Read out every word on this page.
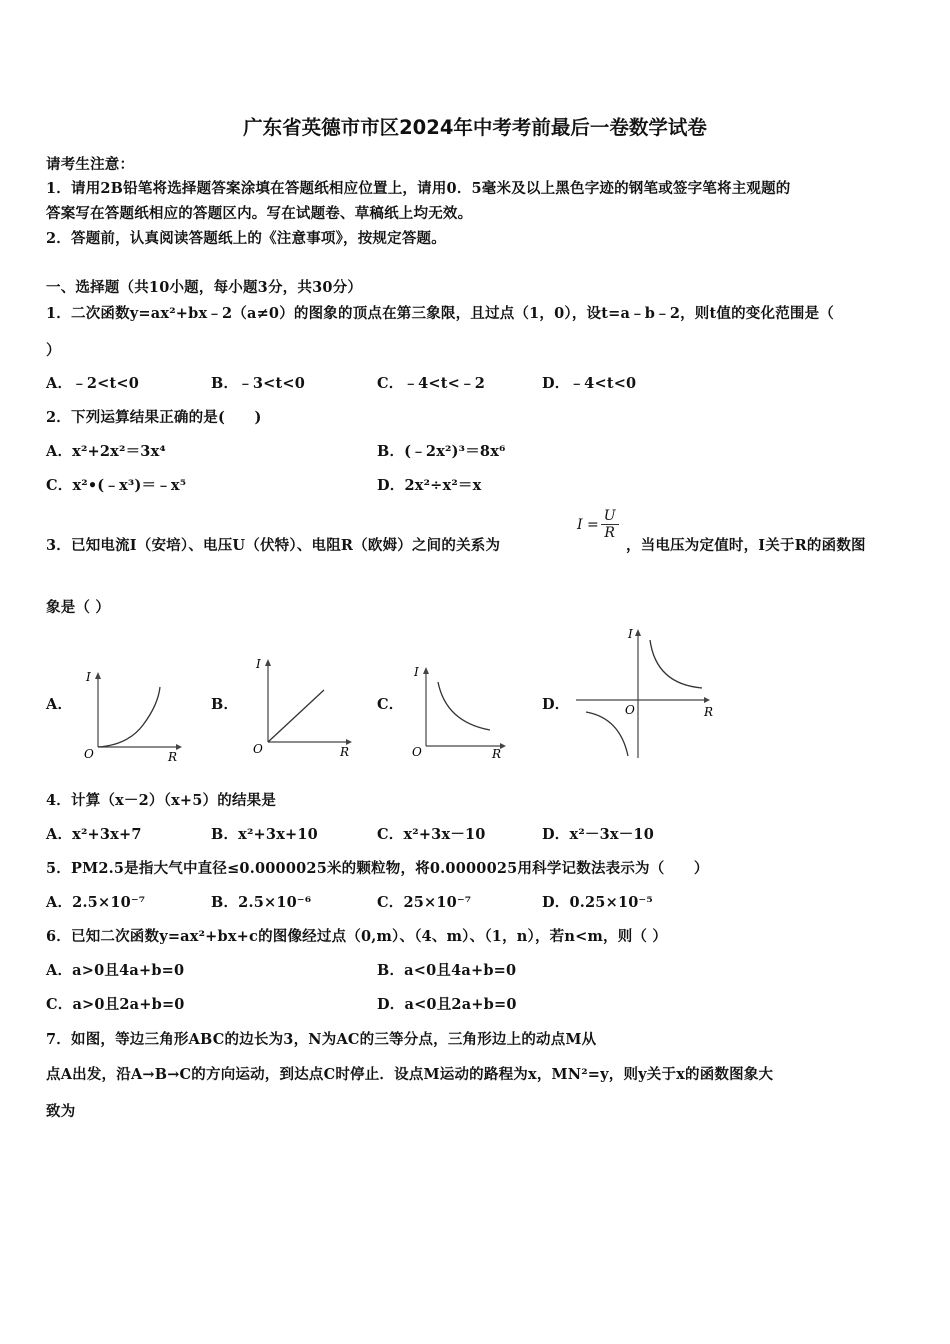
广东省英德市市区2024年中考考前最后一卷数学试卷
请考生注意：
1．请用2B铅笔将选择题答案涂填在答题纸相应位置上，请用0．5毫米及以上黑色字迹的钢笔或签字笔将主观题的
答案写在答题纸相应的答题区内。写在试题卷、草稿纸上均无效。
2．答题前，认真阅读答题纸上的《注意事项》，按规定答题。
一、选择题（共10小题，每小题3分，共30分）
1．二次函数y=ax²+bx﹣2（a≠0）的图象的顶点在第三象限，且过点（1，0），设t=a﹣b﹣2，则t值的变化范围是（
）
A．﹣2<t<0	B．﹣3<t<0	C．﹣4<t<﹣2	D．﹣4<t<0
2．下列运算结果正确的是(　　)
A．x²+2x²＝3x⁴	B．(﹣2x²)³＝8x⁶
C．x²•(﹣x³)＝﹣x⁵	D．2x²÷x²＝x
3．已知电流I（安培）、电压U（伏特）、电阻R（欧姆）之间的关系为
$I = \frac{U}{R}$
，当电压为定值时，I关于R的函数图
象是（ ）
A．	B．	C．	D．
I
R
O
I
R
O
I
R
O
I
R
O
4．计算（x－2）（x+5）的结果是
A．x²+3x+7	B．x²+3x+10	C．x²+3x－10	D．x²－3x－10
5．PM2.5是指大气中直径≤0.0000025米的颗粒物，将0.0000025用科学记数法表示为（　　）
A．2.5×10⁻⁷	B．2.5×10⁻⁶	C．25×10⁻⁷	D．0.25×10⁻⁵
6．已知二次函数y=ax²+bx+c的图像经过点（0,m）、（4、m）、（1，n），若n<m，则（ ）
A．a>0且4a+b=0	B．a<0且4a+b=0
C．a>0且2a+b=0	D．a<0且2a+b=0
7．如图，等边三角形ABC的边长为3，N为AC的三等分点，三角形边上的动点M从
点A出发，沿A→B→C的方向运动，到达点C时停止．设点M运动的路程为x，MN²=y，则y关于x的函数图象大
致为
